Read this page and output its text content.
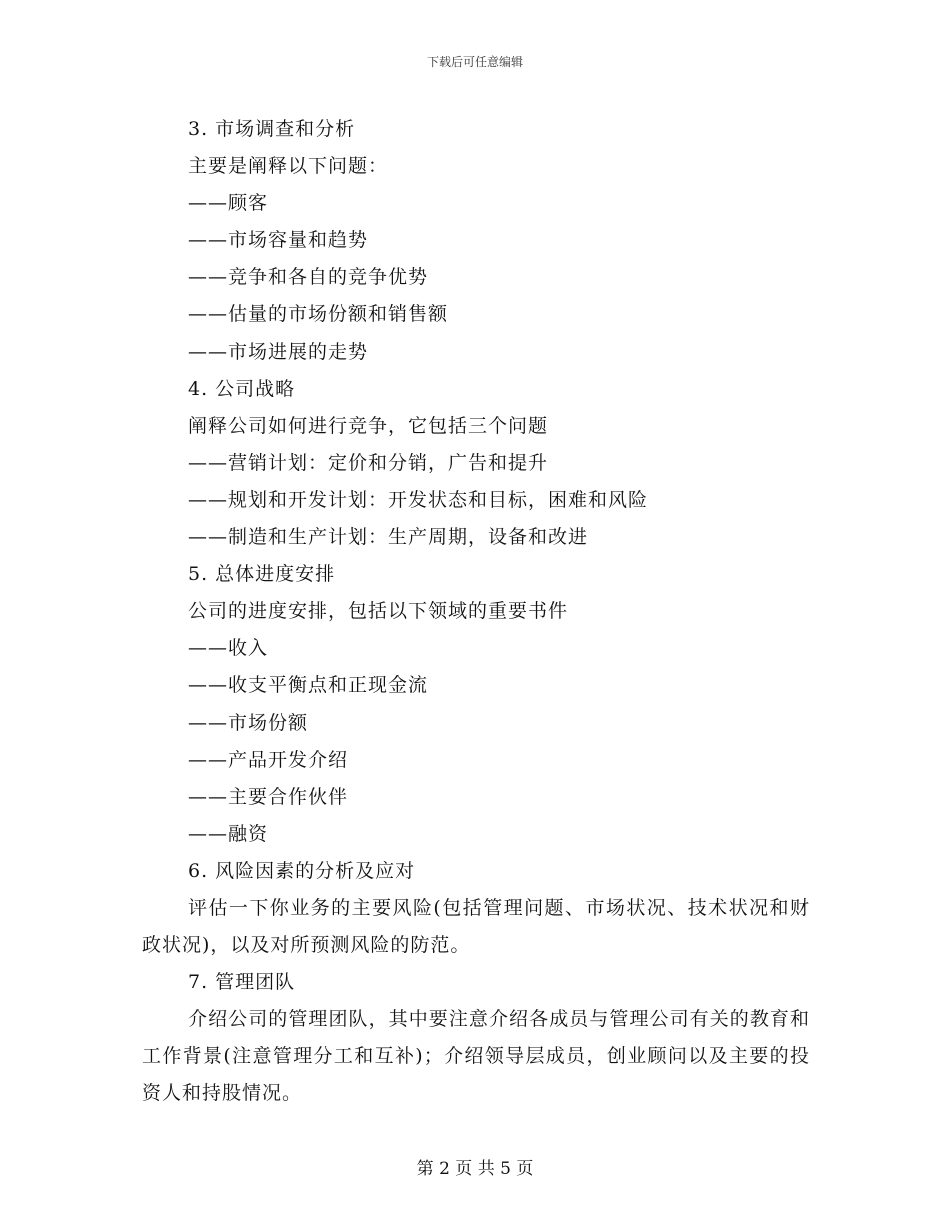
下载后可任意编辑
3. 市场调查和分析
主要是阐释以下问题：
——顾客
——市场容量和趋势
——竞争和各自的竞争优势
——估量的市场份额和销售额
——市场进展的走势
4. 公司战略
阐释公司如何进行竞争，它包括三个问题
——营销计划：定价和分销，广告和提升
——规划和开发计划：开发状态和目标，困难和风险
——制造和生产计划：生产周期，设备和改进
5. 总体进度安排
公司的进度安排，包括以下领域的重要书件
——收入
——收支平衡点和正现金流
——市场份额
——产品开发介绍
——主要合作伙伴
——融资
6. 风险因素的分析及应对
评估一下你业务的主要风险(包括管理问题、市场状况、技术状况和财政状况)，以及对所预测风险的防范。
7. 管理团队
介绍公司的管理团队，其中要注意介绍各成员与管理公司有关的教育和工作背景(注意管理分工和互补)；介绍领导层成员，创业顾问以及主要的投资人和持股情况。
第 2 页 共 5 页
